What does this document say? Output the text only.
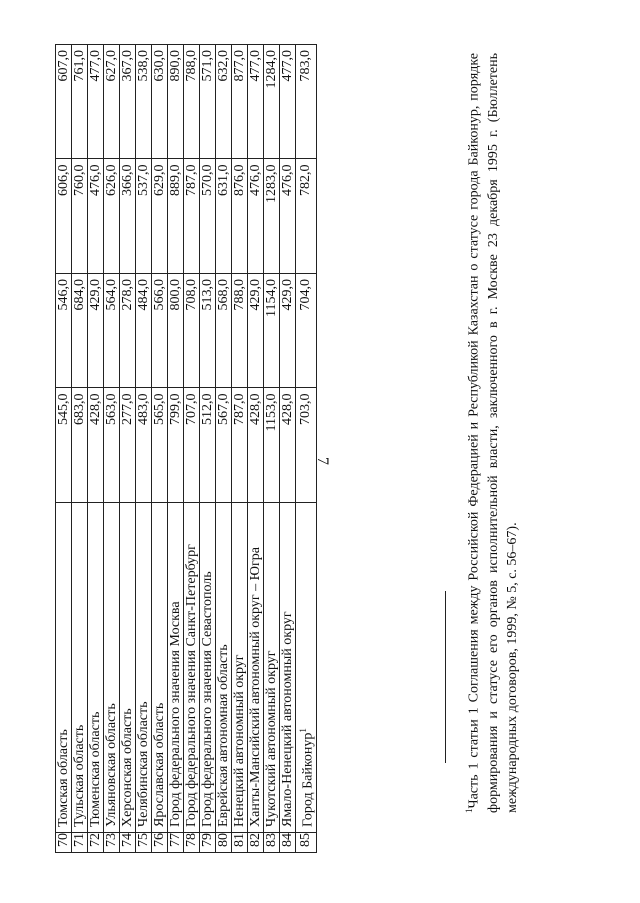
7
70	Томская область	545,0	546,0	606,0	607,0
71	Тульская область	683,0	684,0	760,0	761,0
72	Тюменская область	428,0	429,0	476,0	477,0
73	Ульяновская область	563,0	564,0	626,0	627,0
74	Херсонская область	277,0	278,0	366,0	367,0
75	Челябинская область	483,0	484,0	537,0	538,0
76	Ярославская область	565,0	566,0	629,0	630,0
77	Город федерального значения Москва	799,0	800,0	889,0	890,0
78	Город федерального значения Санкт-Петербург	707,0	708,0	787,0	788,0
79	Город федерального значения Севастополь	512,0	513,0	570,0	571,0
80	Еврейская автономная область	567,0	568,0	631,0	632,0
81	Ненецкий автономный округ	787,0	788,0	876,0	877,0
82	Ханты-Мансийский автономный округ – Югра	428,0	429,0	476,0	477,0
83	Чукотский автономный округ	1153,0	1154,0	1283,0	1284,0
84	Ямало-Ненецкий автономный округ	428,0	429,0	476,0	477,0
85	Город Байконур$^1$	703,0	704,0	782,0	783,0
$^1$Часть 1 статьи 1 Соглашения между Российской Федерацией и Республикой Казахстан о статусе города Байконур, порядке формирования и статусе его органов исполнительной власти, заключенного в г. Москве 23 декабря 1995 г. (Бюллетень международных договоров, 1999, № 5, с. 56–67).
